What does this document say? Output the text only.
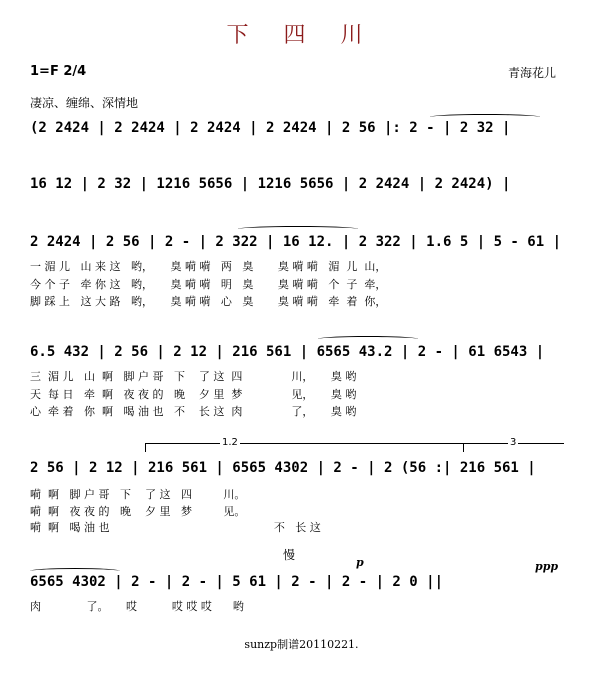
下 四 川
1=F 2/4	青海花儿
凄凉、缠绵、深情地
(2 2424 | 2 2424 | 2 2424 | 2 2424 | 2 56 |: 2 - | 2 32 |
16 12 | 2 32 | 1216 5656 | 1216 5656 | 2 2424 | 2 2424) |
2 2424 | 2 56 | 2 - | 2 322 | 16 12. | 2 322 | 1.6 5 | 5 - 61 |
一 湄 儿   山 来 这   哟，     臭 嗬 嗬   两   臭       臭 嗬 嗬   湄  儿  山，
今 个 子   牵 你 这   哟，     臭 嗬 嗬   明   臭       臭 嗬 嗬   个  子  牵，
脚 踩 上   这 大 路   哟，     臭 嗬 嗬   心   臭       臭 嗬 嗬   牵  着  你，
6.5 432 | 2 56 | 2 12 | 216 561 | 6565 43.2 | 2 - | 61 6543 |
三  湄 儿   山  啊   脚 户 哥   下    了 这  四              川，     臭 哟
天  每 日   牵  啊   夜 夜 的   晚    夕 里  梦              见，     臭 哟
心  牵 着   你  啊   喝 油 也   不    长 这  肉              了，     臭 哟

1.2

	3

2 56 | 2 12 | 216 561 | 6565 4302 | 2 - | 2 (56 :| 216 561 |
嗬  啊   脚 户 哥   下    了 这   四         川。
嗬  啊   夜 夜 的   晚    夕 里   梦         见。
嗬  啊   喝 油 也                                               不   长 这
慢
p	ppp
6565 4302 | 2 - | 2 - | 5 61 | 2 - | 2 - | 2 0 ||
肉             了。     哎          哎 哎 哎      哟
sunzp制谱20110221.
